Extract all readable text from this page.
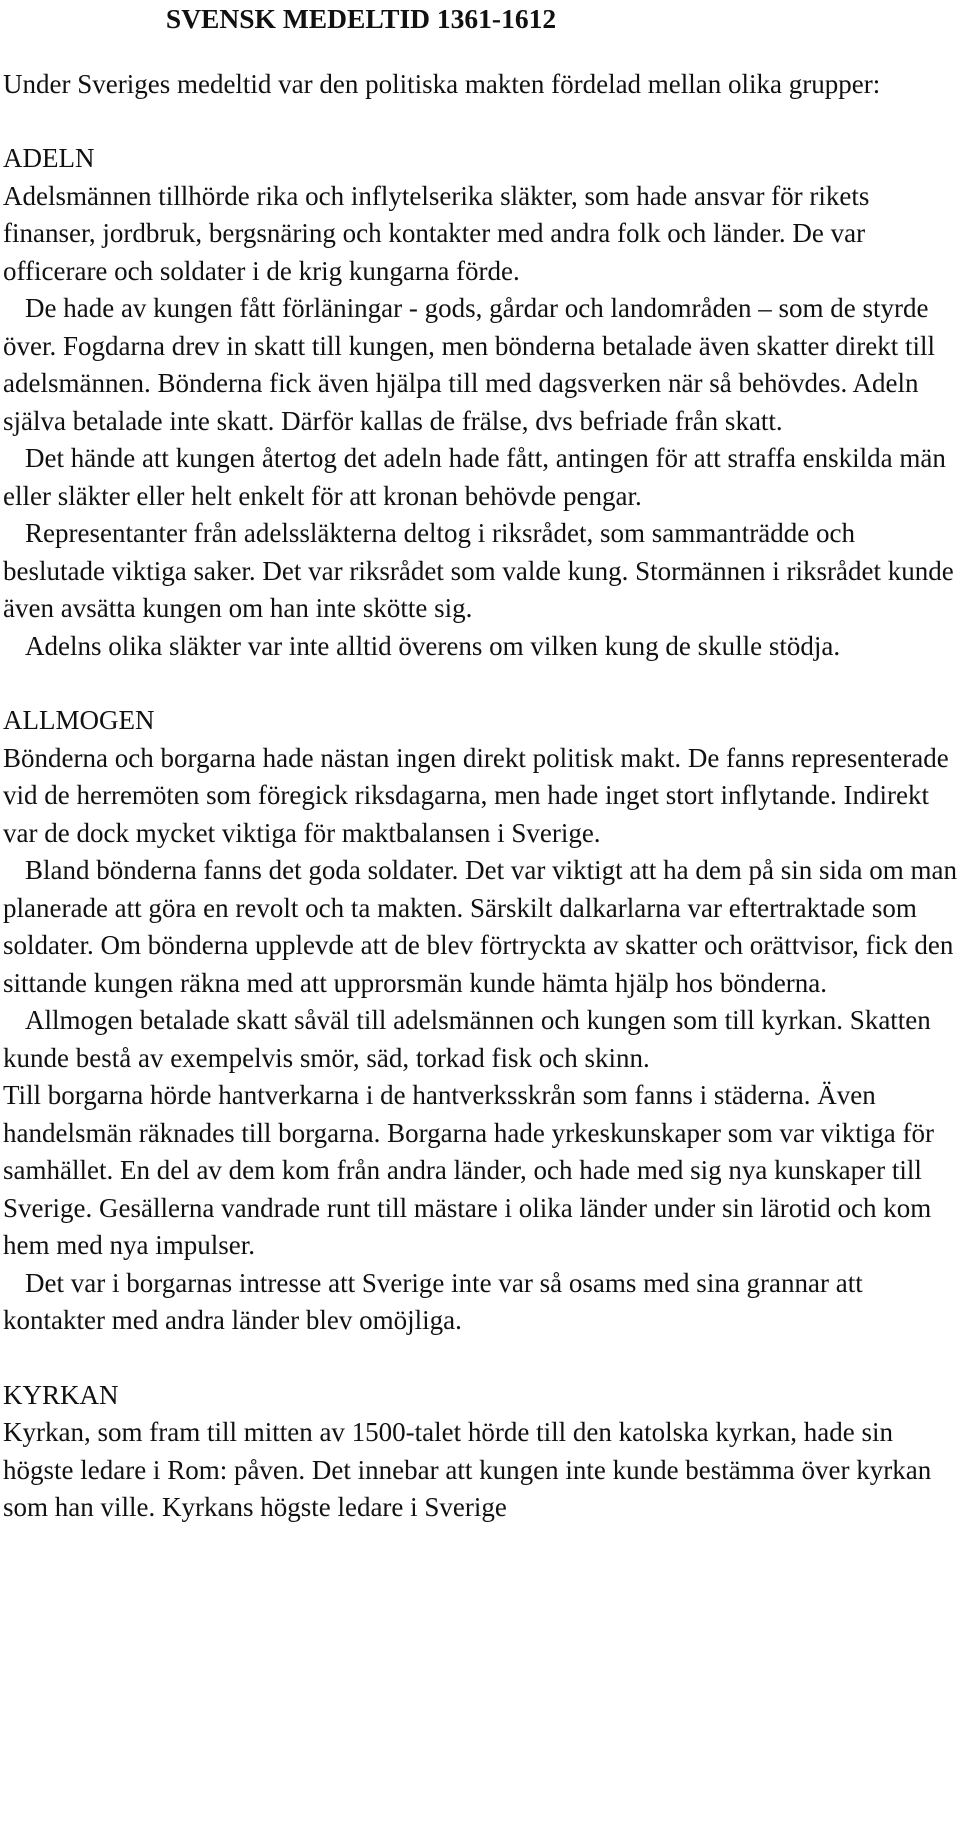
SVENSK MEDELTID 1361-1612

Under Sveriges medeltid var den politiska makten fördelad mellan olika grupper:

ADELN

Adelsmännen tillhörde rika och inflytelserika släkter, som hade ansvar för rikets finanser, jordbruk, bergsnäring och kontakter med andra folk och länder. De var officerare och soldater i de krig kungarna förde.

De hade av kungen fått förläningar - gods, gårdar och landområden – som de styrde över. Fogdarna drev in skatt till kungen, men bönderna betalade även skatter direkt till adelsmännen. Bönderna fick även hjälpa till med dagsverken när så behövdes. Adeln själva betalade inte skatt. Därför kallas de frälse, dvs befriade från skatt.

Det hände att kungen återtog det adeln hade fått, antingen för att straffa enskilda män eller släkter eller helt enkelt för att kronan behövde pengar.

Representanter från adelssläkterna deltog i riksrådet, som sammanträdde och beslutade viktiga saker. Det var riksrådet som valde kung. Stormännen i riksrådet kunde även avsätta kungen om han inte skötte sig.

Adelns olika släkter var inte alltid överens om vilken kung de skulle stödja.

ALLMOGEN

Bönderna och borgarna hade nästan ingen direkt politisk makt. De fanns representerade vid de herremöten som föregick riksdagarna, men hade inget stort inflytande. Indirekt var de dock mycket viktiga för maktbalansen i Sverige.

Bland bönderna fanns det goda soldater. Det var viktigt att ha dem på sin sida om man planerade att göra en revolt och ta makten. Särskilt dalkarlarna var eftertraktade som soldater. Om bönderna upplevde att de blev förtryckta av skatter och orättvisor, fick den sittande kungen räkna med att upprorsmän kunde hämta hjälp hos bönderna.

Allmogen betalade skatt såväl till adelsmännen och kungen som till kyrkan. Skatten kunde bestå av exempelvis smör, säd, torkad fisk och skinn.

Till borgarna hörde hantverkarna i de hantverksskrån som fanns i städerna. Även handelsmän räknades till borgarna. Borgarna hade yrkeskunskaper som var viktiga för samhället. En del av dem kom från andra länder, och hade med sig nya kunskaper till Sverige. Gesällerna vandrade runt till mästare i olika länder under sin lärotid och kom hem med nya impulser.

Det var i borgarnas intresse att Sverige inte var så osams med sina grannar att kontakter med andra länder blev omöjliga.

KYRKAN

Kyrkan, som fram till mitten av 1500-talet hörde till den katolska kyrkan, hade sin högste ledare i Rom: påven. Det innebar att kungen inte kunde bestämma över kyrkan som han ville. Kyrkans högste ledare i Sverige
